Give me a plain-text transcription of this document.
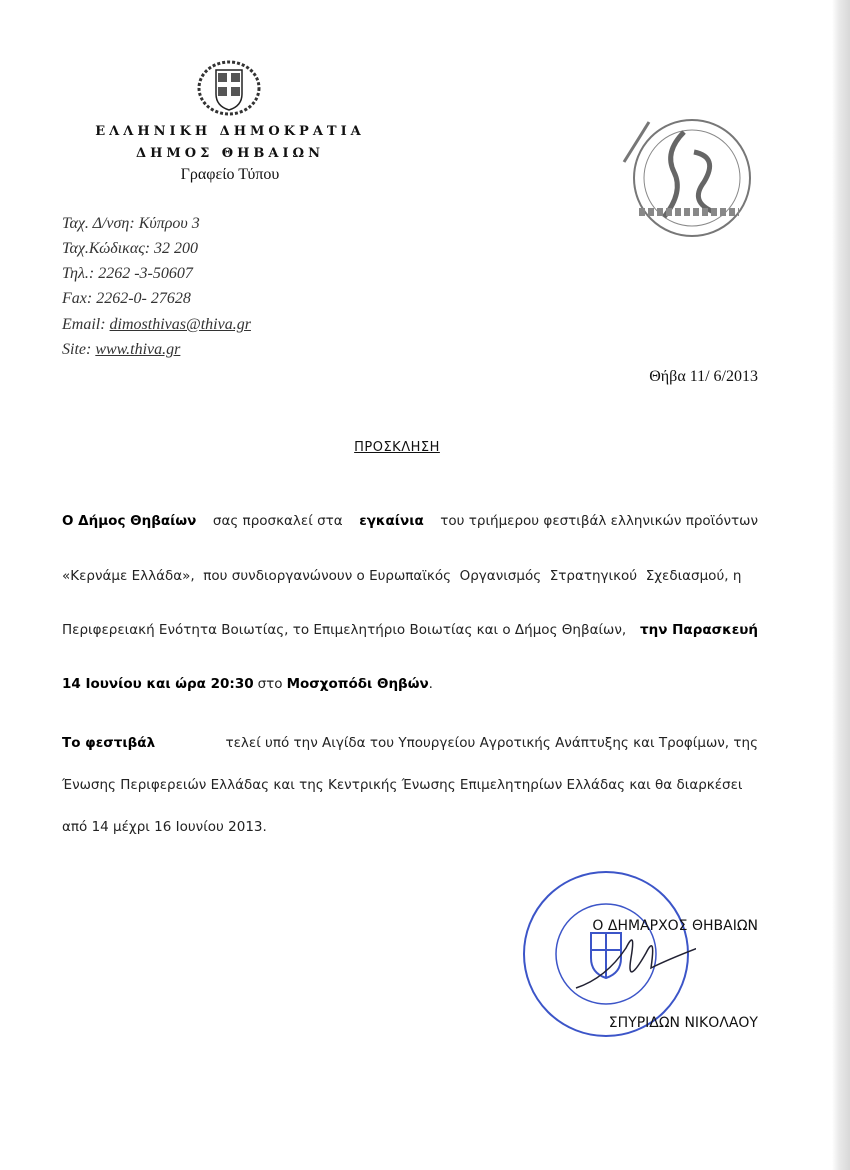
ΕΛΛΗΝΙΚΗ ΔΗΜΟΚΡΑΤΙΑ
ΔΗΜΟΣ ΘΗΒΑΙΩΝ
Γραφείο Τύπου
Ταχ. Δ/νση: Κύπρου 3
Ταχ.Κώδικας: 32 200
Τηλ.: 2262 -3-50607
Fax: 2262-0- 27628
Email: dimosthivas@thiva.gr
Site: www.thiva.gr
Θήβα 11/ 6/2013
ΠΡΟΣΚΛΗΣΗ
Ο Δήμος Θηβαίων σας προσκαλεί στα εγκαίνια του τριήμερου φεστιβάλ ελληνικών προϊόντων
«Κερνάμε Ελλάδα»,  που συνδιοργανώνουν ο Ευρωπαϊκός  Οργανισμός  Στρατηγικού  Σχεδιασμού, η
Περιφερειακή Ενότητα Βοιωτίας, το Επιμελητήριο Βοιωτίας και ο Δήμος Θηβαίων, την Παρασκευή
14 Ιουνίου και ώρα 20:30 στο Μοσχοπόδι Θηβών .
Το φεστιβάλ	τελεί υπό την Αιγίδα του Υπουργείου Αγροτικής Ανάπτυξης και Τροφίμων, της
Ένωσης Περιφερειών Ελλάδας και της Κεντρικής Ένωσης Επιμελητηρίων Ελλάδας και θα διαρκέσει
από 14 μέχρι 16 Ιουνίου 2013.
Ο ΔΗΜΑΡΧΟΣ ΘΗΒΑΙΩΝ
ΣΠΥΡΙΔΩΝ ΝΙΚΟΛΑΟΥ
